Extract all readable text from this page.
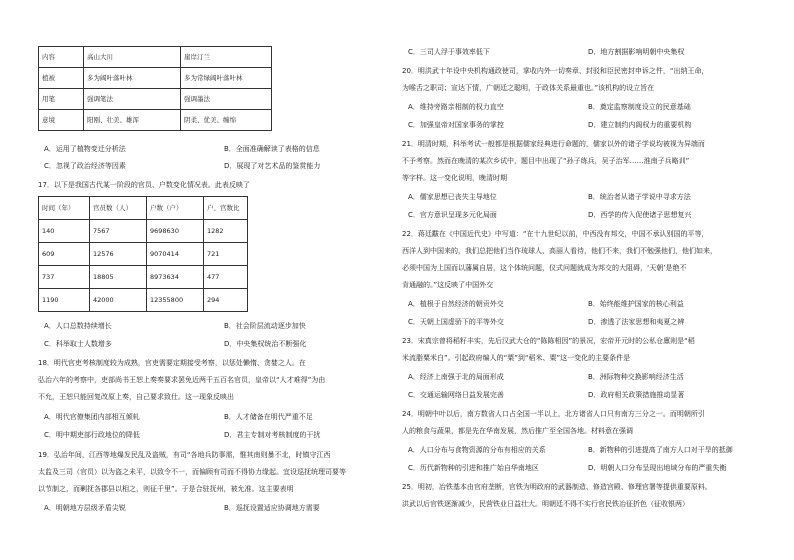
内容	高山大川	崖岸汀兰
植被	多为阔叶落叶林	多为常绿阔叶落叶林
用笔	强调笔法	强调墨法
意境	阳刚、壮美、雄浑	阴柔、优美、缠绵
A．运用了植物变迁分析法	B．全面准确解读了表格的信息
C．忽视了政治经济等因素	D．展现了对艺术品的鉴赏能力
17．以下是我国古代某一阶段的官员、户数变化情况表。此表反映了
时间（年）	官员数（人）	户数（户）	户、官数比
140	7567	9698630	1282
609	12576	9070414	721
737	18805	8973634	477
1190	42000	12355800	294
A．人口总数持续增长	B．社会阶层流动逐步加快
C．科举取士人数增多	D．中央集权统治不断强化
18．明代官吏考核制度较为成熟，官吏需要定期接受考察，以惩处懒惰、贪婪之人。在
弘治六年的考察中，吏部尚书王恕上奏奏要求罢免近两千五百名官员，皇帝以“人才难得”为由
不允，王恕只能回复改原上奏，自己要求致仕。这一现象反映出
A．明代官僚集团内部相互倾轧	B．人才储备在明代严重不足
C．明中期吏部行政地位的降低	D．君主专制对考核制度的干扰
19．弘治年间，江西等地爆发民乱及盗贼，有司“各地兵防事需，惟其南则暴不北，时镇守江西
太监及三司（官员）以为盗之未平，以致令不一，而偏顾有司而不得协力缘起。宜设巡抚统理司要等
以节制之，而剿抚各郡县以相之，则征千里”。于是合驻抚州，被允准。这主要表明
A．明朝地方层级矛盾尖锐	B．巡抚设置适应协调地方需要
C．三司人浮于事效率低下	D．地方割据影响明朝中央集权
20．明洪武十年设中央机构通政使司，掌收内外一切奏章、封驳和臣民密封申诉之件，“出纳王命，
为喉舌之职司；宣达下情，广朝廷之聪明，于政体关系最重也。”该机构的设立旨在
A．维持旁路亲相制的权力直空	B．奠定监察制度设立的民意基础
C．加强皇帝对国家事务的掌控	D．建立制约内阁权力的重要机构
21．明清时期，科举考试一般都是根据儒家经典进行命题的，儒家以外的诸子学说均被视为异端而
不予考察。然而在晚清的某次乡试中，题目中出现了“孙子练兵，吴子治军……淮南子兵略训”
等字样。这一变化说明，晚清时期
A．儒家思想已丧失主导地位	B．统治者从诸子学说中寻求方法
C．官方意识呈现多元化局面	D．西学的传入促使诸子思想复兴
22．蒋廷黻在《中国近代史》中写道：“在十九世纪以前，中西没有邦交，中国不承认别国的平等，
西洋人到中国来的，我们总把他们当作琉球人、高丽人看待，他们不来，我们不勉强他们，他们如来，
必须中国为上国而以藩属自居，这个体统问题，仪式问题就成为邦交的大阻碍，‘天朝’是绝不
肯通融的。”这反映了中国外交
A．植根于自然经济的朝贡外交	B．始终能维护国家的核心利益
C．天朝上国虚骄下的平等外交	D．渗透了法家思想和夷夏之辨
23．宋真宗曾将稻籽丰实，先后汉武大仓的“陈陈相因”的景况，宏帝开元时的公私仓廪则是“稻
米流脂粟米白”。引起政府编人的“粟”到“稻米、粟”这一变化的主要条件是
A．经济上南强于北的局面形成	B．洲际物种交换影响经济生活
C．交通运输网络日益发展完善	D．政府相关政策措施推动显著
24．明朝中叶以后，南方数省人口占全国一半以上，北方诸省人口只有南方三分之一。而明朝所引
人的粮食与蔬果，都是先在华南发展，然后推广至全国各地。材料意在强调
A．人口分布与食物资源的分布有相应的关系	B．新物种的引进提高了南方人口对干旱的抵御
C．历代新物种的引进和推广始自华南地区	D．明朝人口分布呈现出地域分布的严重失衡
25．明初，冶铁基本由官府垄断，官铁为明政府的武器制造、修造宫殿、修理官署等提供重要原料。
洪武以后官铁逐渐减少，民营铁业日益壮大。明朝廷不得不实行官民铁冶征折色（征收银两）
